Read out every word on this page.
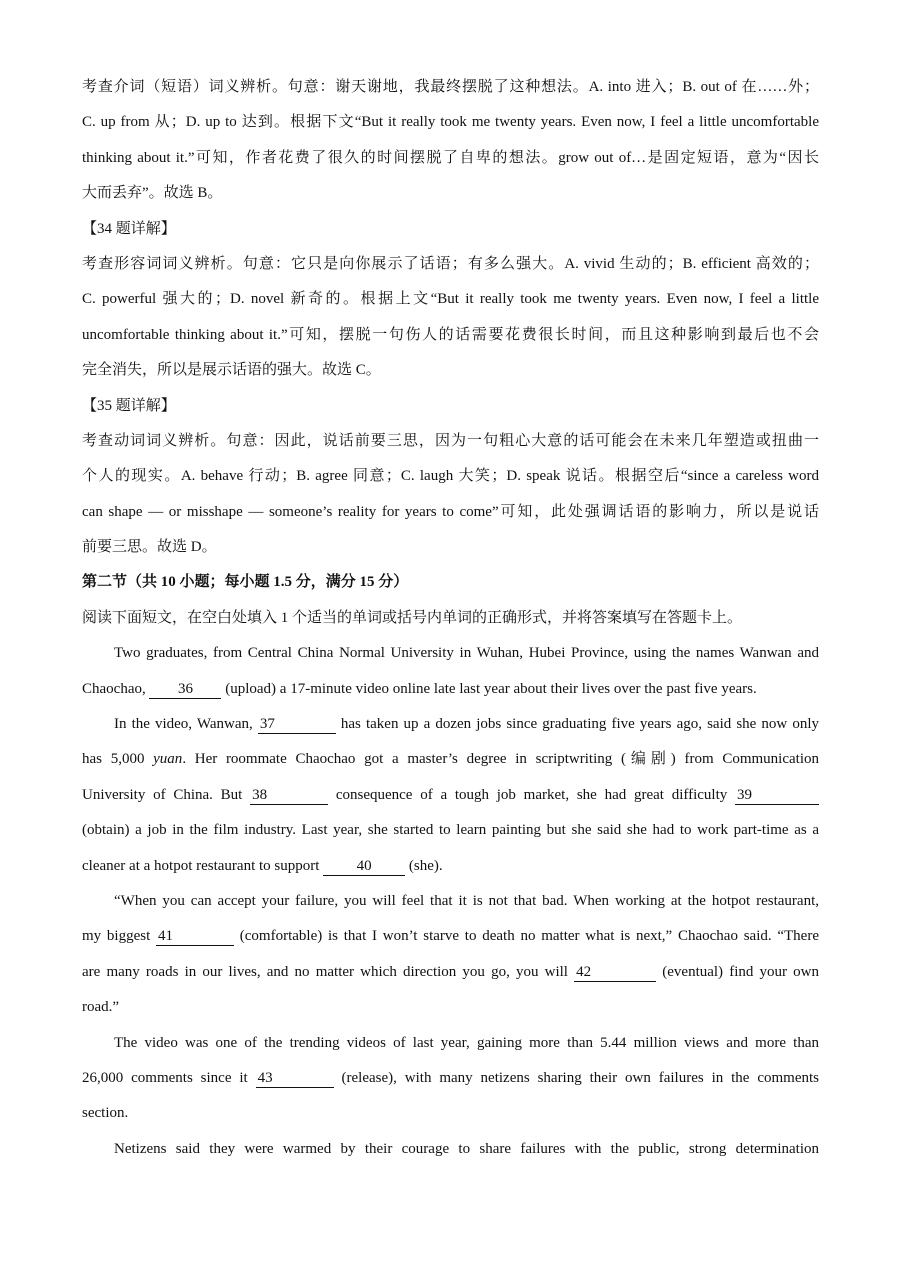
考查介词（短语）词义辨析。句意：谢天谢地，我最终摆脱了这种想法。A. into 进入；B. out of 在……外；
C. up from 从；D. up to 达到。根据下文“But it really took me twenty years. Even now, I feel a little uncomfortable
thinking about it.”可知，作者花费了很久的时间摆脱了自卑的想法。grow out of…是固定短语，意为“因长
大而丢弃”。故选 B。
【34 题详解】
考查形容词词义辨析。句意：它只是向你展示了话语；有多么强大。A. vivid 生动的；B. efficient 高效的；
C. powerful 强大的；D. novel 新奇的。根据上文“But it really took me twenty years. Even now, I feel a little
uncomfortable thinking about it.”可知，摆脱一句伤人的话需要花费很长时间，而且这种影响到最后也不会
完全消失，所以是展示话语的强大。故选 C。
【35 题详解】
考查动词词义辨析。句意：因此，说话前要三思，因为一句粗心大意的话可能会在未来几年塑造或扭曲一
个人的现实。A. behave 行动；B. agree 同意；C. laugh 大笑；D. speak 说话。根据空后“since a careless word
can shape — or misshape — someone’s reality for years to come”可知，此处强调话语的影响力，所以是说话
前要三思。故选 D。
第二节（共 10 小题；每小题 1.5 分，满分 15 分）
阅读下面短文，在空白处填入 1 个适当的单词或括号内单词的正确形式，并将答案填写在答题卡上。
Two graduates, from Central China Normal University in Wuhan, Hubei Province, using the names Wanwan and
Chaochao, 36 (upload) a 17-minute video online late last year about their lives over the past five years.
In the video, Wanwan, 37	has taken up a dozen jobs since graduating five years ago, said she now only
has 5,000 yuan. Her roommate Chaochao got a master’s degree in scriptwriting (编剧) from Communication
University of China. But 38	consequence of a tough job market, she had great difficulty 39
(obtain) a job in the film industry. Last year, she started to learn painting but she said she had to work part-time as a
cleaner at a hotpot restaurant to support 40 (she).
“When you can accept your failure, you will feel that it is not that bad. When working at the hotpot restaurant,
my biggest 41	(comfortable) is that I won’t starve to death no matter what is next,” Chaochao said. “There
are many roads in our lives, and no matter which direction you go, you will 42	(eventual) find your own
road.”
The video was one of the trending videos of last year, gaining more than 5.44 million views and more than
26,000 comments since it 43	(release), with many netizens sharing their own failures in the comments
section.
Netizens said they were warmed by their courage to share failures with the public, strong determination
